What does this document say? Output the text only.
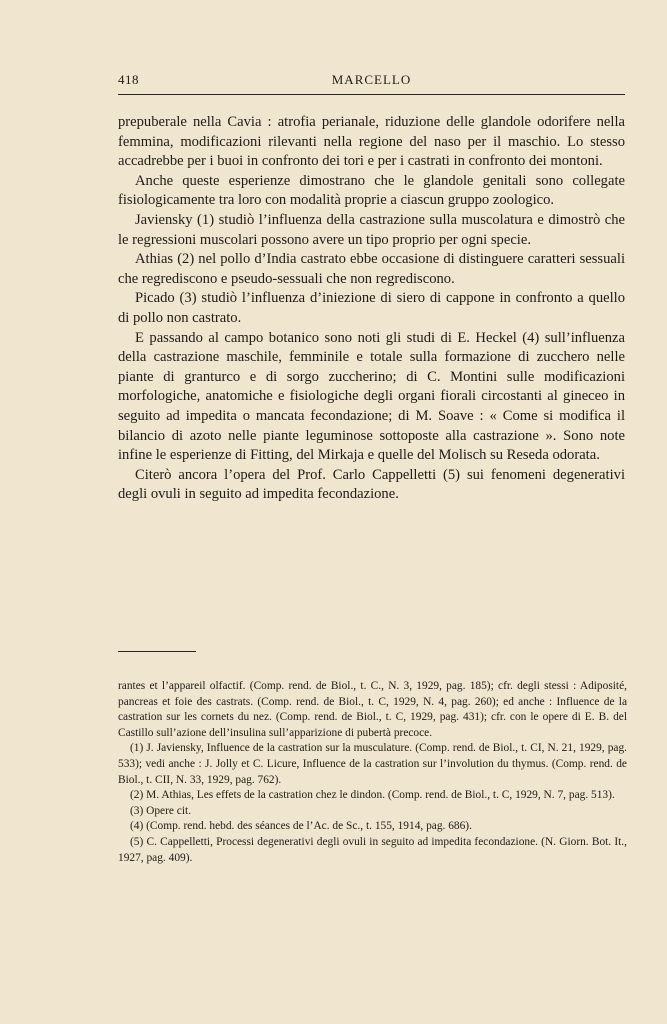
418	MARCELLO

prepuberale nella Cavia : atrofia perianale, riduzione delle glandole odorifere nella femmina, modificazioni rilevanti nella regione del naso per il maschio. Lo stesso accadrebbe per i buoi in confronto dei tori e per i castrati in confronto dei montoni.

Anche queste esperienze dimostrano che le glandole genitali sono collegate fisiologicamente tra loro con modalità proprie a ciascun gruppo zoologico.

Javiensky (1) studiò l’influenza della castrazione sulla muscolatura e dimostrò che le regressioni muscolari possono avere un tipo proprio per ogni specie.

Athias (2) nel pollo d’India castrato ebbe occasione di distinguere caratteri sessuali che regrediscono e pseudo-sessuali che non regrediscono.

Picado (3) studiò l’influenza d’iniezione di siero di cappone in confronto a quello di pollo non castrato.

E passando al campo botanico sono noti gli studi di E. Heckel (4) sull’influenza della castrazione maschile, femminile e totale sulla formazione di zucchero nelle piante di granturco e di sorgo zuccherino; di C. Montini sulle modificazioni morfologiche, anatomiche e fisiologiche degli organi fiorali circostanti al gineceo in seguito ad impedita o mancata fecondazione; di M. Soave : « Come si modifica il bilancio di azoto nelle piante leguminose sottoposte alla castrazione ». Sono note infine le esperienze di Fitting, del Mirkaja e quelle del Molisch su Reseda odorata.

Citerò ancora l’opera del Prof. Carlo Cappelletti (5) sui fenomeni degenerativi degli ovuli in seguito ad impedita fecondazione.

rantes et l’appareil olfactif. (Comp. rend. de Biol., t. C., N. 3, 1929, pag. 185); cfr. degli stessi : Adiposité, pancreas et foie des castrats. (Comp. rend. de Biol., t. C, 1929, N. 4, pag. 260); ed anche : Influence de la castration sur les cornets du nez. (Comp. rend. de Biol., t. C, 1929, pag. 431); cfr. con le opere di E. B. del Castillo sull’azione dell’insulina sull’apparizione di pubertà precoce.

(1) J. Javiensky, Influence de la castration sur la musculature. (Comp. rend. de Biol., t. CI, N. 21, 1929, pag. 533); vedi anche : J. Jolly et C. Licure, Influence de la castration sur l’involution du thymus. (Comp. rend. de Biol., t. CII, N. 33, 1929, pag. 762).

(2) M. Athias, Les effets de la castration chez le dindon. (Comp. rend. de Biol., t. C, 1929, N. 7, pag. 513).

(3) Opere cit.

(4) (Comp. rend. hebd. des séances de l’Ac. de Sc., t. 155, 1914, pag. 686).

(5) C. Cappelletti, Processi degenerativi degli ovuli in seguito ad impedita fecondazione. (N. Giorn. Bot. It., 1927, pag. 409).
